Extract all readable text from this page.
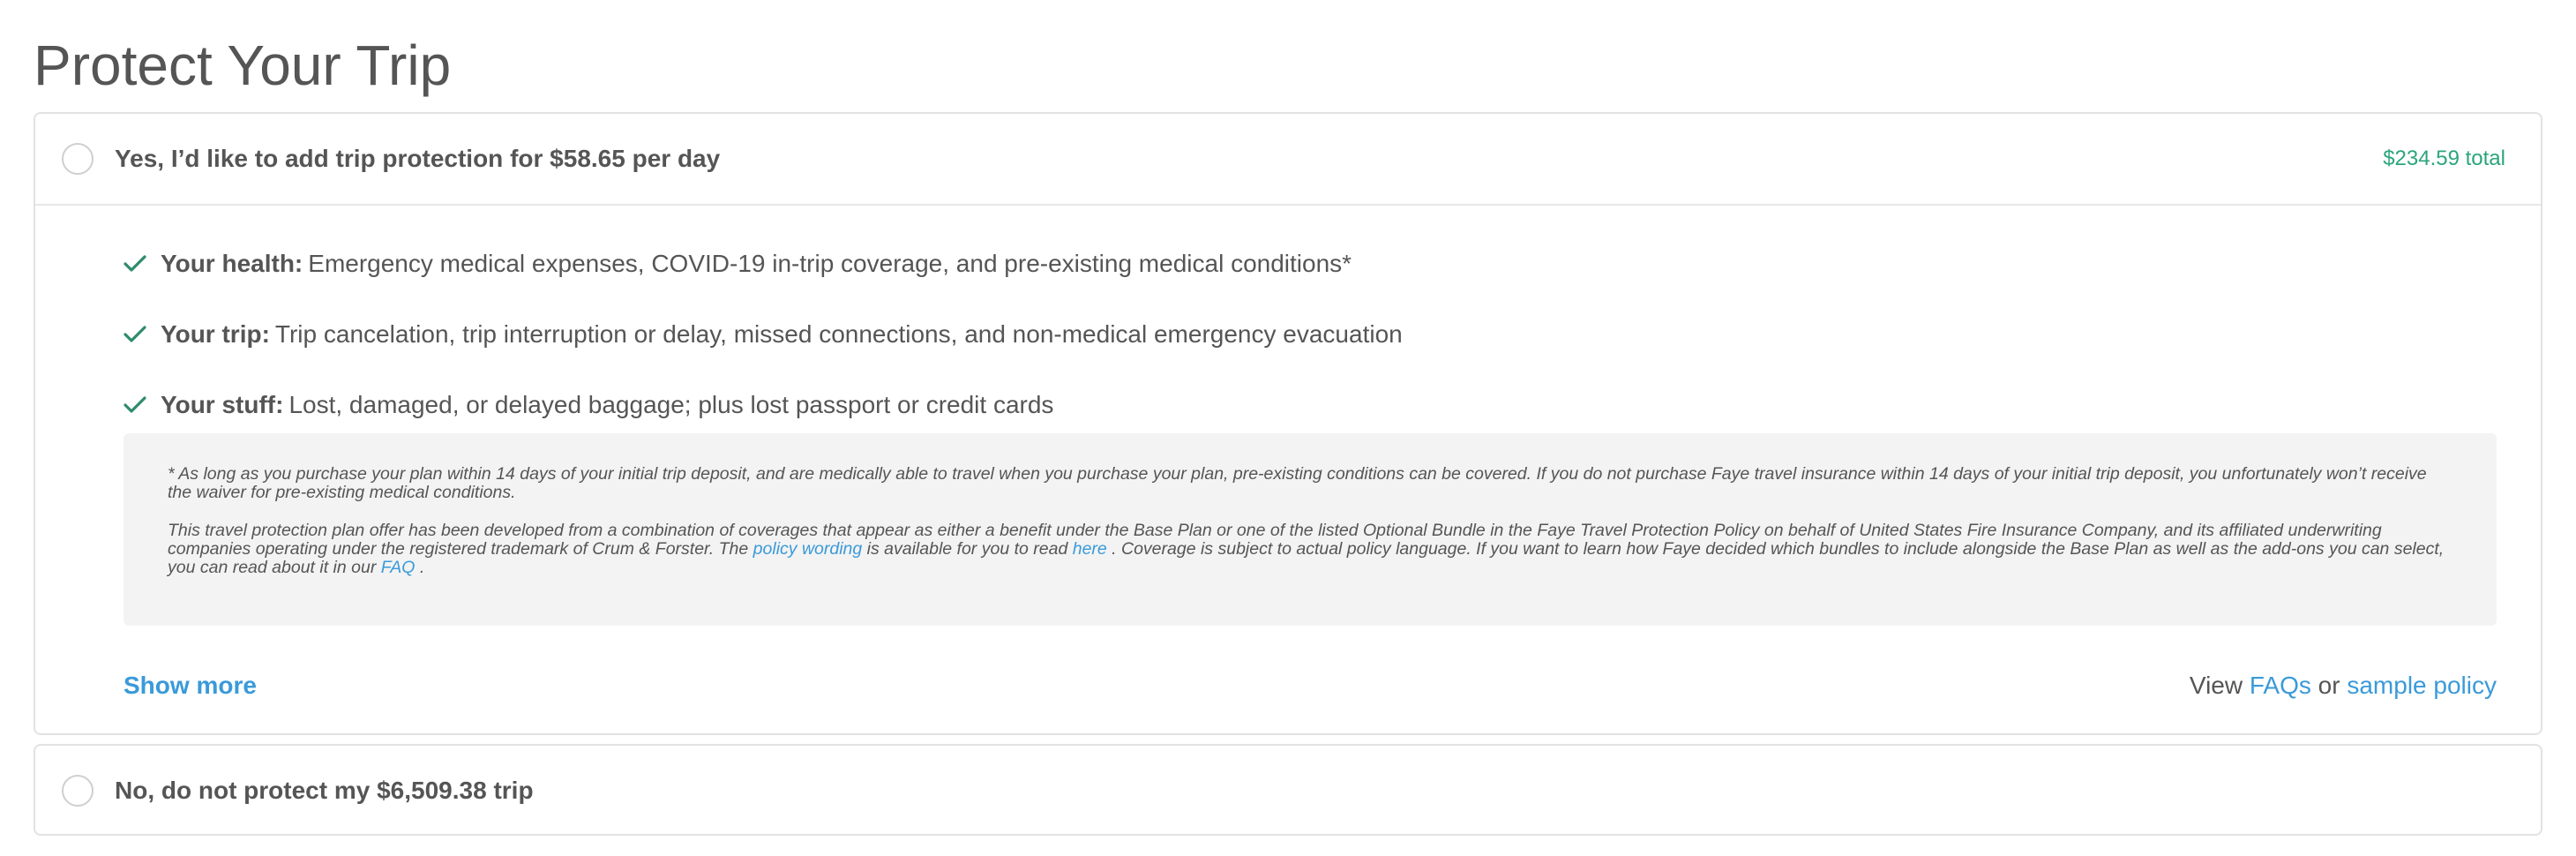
Protect Your Trip
Yes, I’d like to add trip protection for $58.65 per day	$234.59 total
Your health: Emergency medical expenses, COVID-19 in-trip coverage, and pre-existing medical conditions*
Your trip: Trip cancelation, trip interruption or delay, missed connections, and non-medical emergency evacuation
Your stuff: Lost, damaged, or delayed baggage; plus lost passport or credit cards

* As long as you purchase your plan within 14 days of your initial trip deposit, and are medically able to travel when you purchase your plan, pre-existing conditions can be covered. If you do not purchase Faye travel insurance within 14 days of your initial trip deposit, you unfortunately won’t receive the waiver for pre-existing medical conditions.

This travel protection plan offer has been developed from a combination of coverages that appear as either a benefit under the Base Plan or one of the listed Optional Bundle in the Faye Travel Protection Policy on behalf of United States Fire Insurance Company, and its affiliated underwriting companies operating under the registered trademark of Crum & Forster. The policy wording is available for you to read here . Coverage is subject to actual policy language. If you want to learn how Faye decided which bundles to include alongside the Base Plan as well as the add-ons you can select, you can read about it in our FAQ .

Show more	View FAQs or sample policy
No, do not protect my $6,509.38 trip
